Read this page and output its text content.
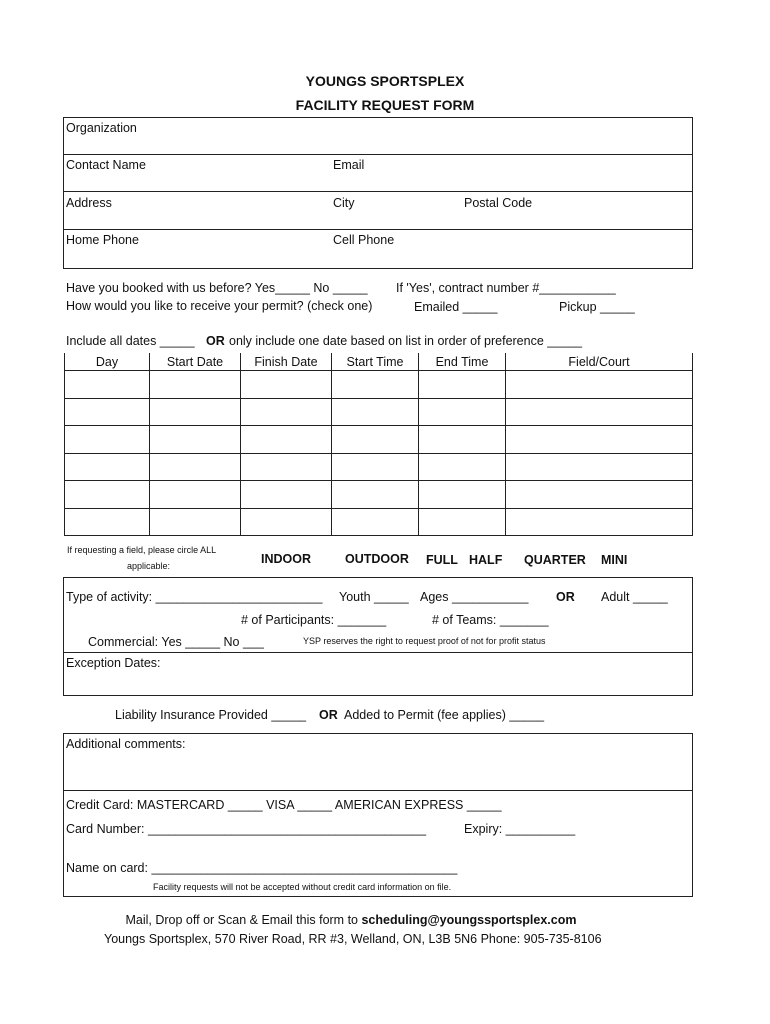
YOUNGS SPORTSPLEX
FACILITY REQUEST FORM
Organization
Contact Name	Email
Address	City	Postal Code
Home Phone	Cell Phone
Have you booked with us before? Yes_____ No _____ If 'Yes', contract number #___________
How would you like to receive your permit? (check one)	Emailed _____	Pickup _____
Include all dates _____ OR only include one date based on list in order of preference _____
Day	Start Date	Finish Date	Start Time	End Time	Field/Court

If requesting a field, please circle ALL
applicable:	INDOOR	OUTDOOR FULL HALF QUARTER MINI
Type of activity: ________________________ Youth _____ Ages ___________ OR Adult _____
# of Participants: _______	# of Teams: _______
Commercial: Yes _____ No ___	YSP reserves the right to request proof of not for profit status
Exception Dates:
Liability Insurance Provided _____ OR Added to Permit (fee applies) _____
Additional comments:
Credit Card: MASTERCARD _____ VISA _____ AMERICAN EXPRESS _____
Card Number: ________________________________________	Expiry: __________
Name on card: ____________________________________________
Facility requests will not be accepted without credit card information on file.
Mail, Drop off or Scan & Email this form to scheduling@youngssportsplex.com
Youngs Sportsplex, 570 River Road, RR #3, Welland, ON, L3B 5N6 Phone: 905-735-8106
